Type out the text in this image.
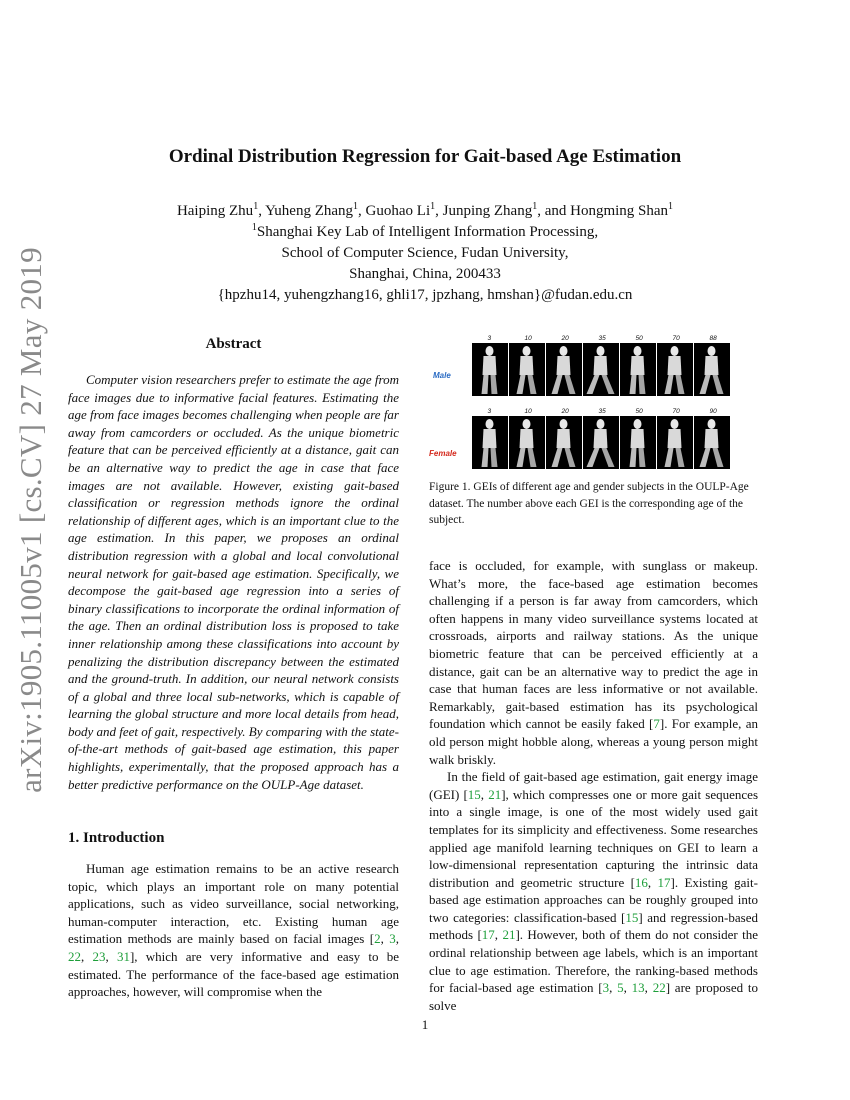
arXiv:1905.11005v1 [cs.CV] 27 May 2019
Ordinal Distribution Regression for Gait-based Age Estimation
Haiping Zhu$^1$, Yuheng Zhang$^1$, Guohao Li$^1$, Junping Zhang$^1$, and Hongming Shan$^1$
$^1$Shanghai Key Lab of Intelligent Information Processing,
School of Computer Science, Fudan University,
Shanghai, China, 200433
{hpzhu14, yuhengzhang16, ghli17, jpzhang, hmshan}@fudan.edu.cn
Abstract

Computer vision researchers prefer to estimate the age from face images due to informative facial features. Estimating the age from face images becomes challenging when people are far away from camcorders or occluded. As the unique biometric feature that can be perceived efficiently at a distance, gait can be an alternative way to predict the age in case that face images are not available. However, existing gait-based classification or regression methods ignore the ordinal relationship of different ages, which is an important clue to the age estimation. In this paper, we proposes an ordinal distribution regression with a global and local convolutional neural network for gait-based age estimation. Specifically, we decompose the gait-based age regression into a series of binary classifications to incorporate the ordinal information of the age. Then an ordinal distribution loss is proposed to take inner relationship among these classifications into account by penalizing the distribution discrepancy between the estimated and the ground-truth. In addition, our neural network consists of a global and three local sub-networks, which is capable of learning the global structure and more local details from head, body and feet of gait, respectively. By comparing with the state-of-the-art methods of gait-based age estimation, this paper highlights, experimentally, that the proposed approach has a better predictive performance on the OULP-Age dataset.

1. Introduction

Human age estimation remains to be an active research topic, which plays an important role on many potential applications, such as video surveillance, social networking, human-computer interaction, etc. Existing human age estimation methods are mainly based on facial images [2, 3, 22, 23, 31], which are very informative and easy to be estimated. The performance of the face-based age estimation approaches, however, will compromise when the

Male
Female
3	10	20	35	50	70	88
3	10	20	35	50	70	90
Figure 1. GEIs of different age and gender subjects in the OULP-Age dataset. The number above each GEI is the corresponding age of the subject.

face is occluded, for example, with sunglass or makeup. What’s more, the face-based age estimation becomes challenging if a person is far away from camcorders, which often happens in many video surveillance systems located at crossroads, airports and railway stations. As the unique biometric feature that can be perceived efficiently at a distance, gait can be an alternative way to predict the age in case that human faces are less informative or not available. Remarkably, gait-based estimation has its psychological foundation which cannot be easily faked [7]. For example, an old person might hobble along, whereas a young person might walk briskly.

In the field of gait-based age estimation, gait energy image (GEI) [15, 21], which compresses one or more gait sequences into a single image, is one of the most widely used gait templates for its simplicity and effectiveness. Some researches applied age manifold learning techniques on GEI to learn a low-dimensional representation capturing the intrinsic data distribution and geometric structure [16, 17]. Existing gait-based age estimation approaches can be roughly grouped into two categories: classification-based [15] and regression-based methods [17, 21]. However, both of them do not consider the ordinal relationship between age labels, which is an important clue to age estimation. Therefore, the ranking-based methods for facial-based age estimation [3, 5, 13, 22] are proposed to solve

1
